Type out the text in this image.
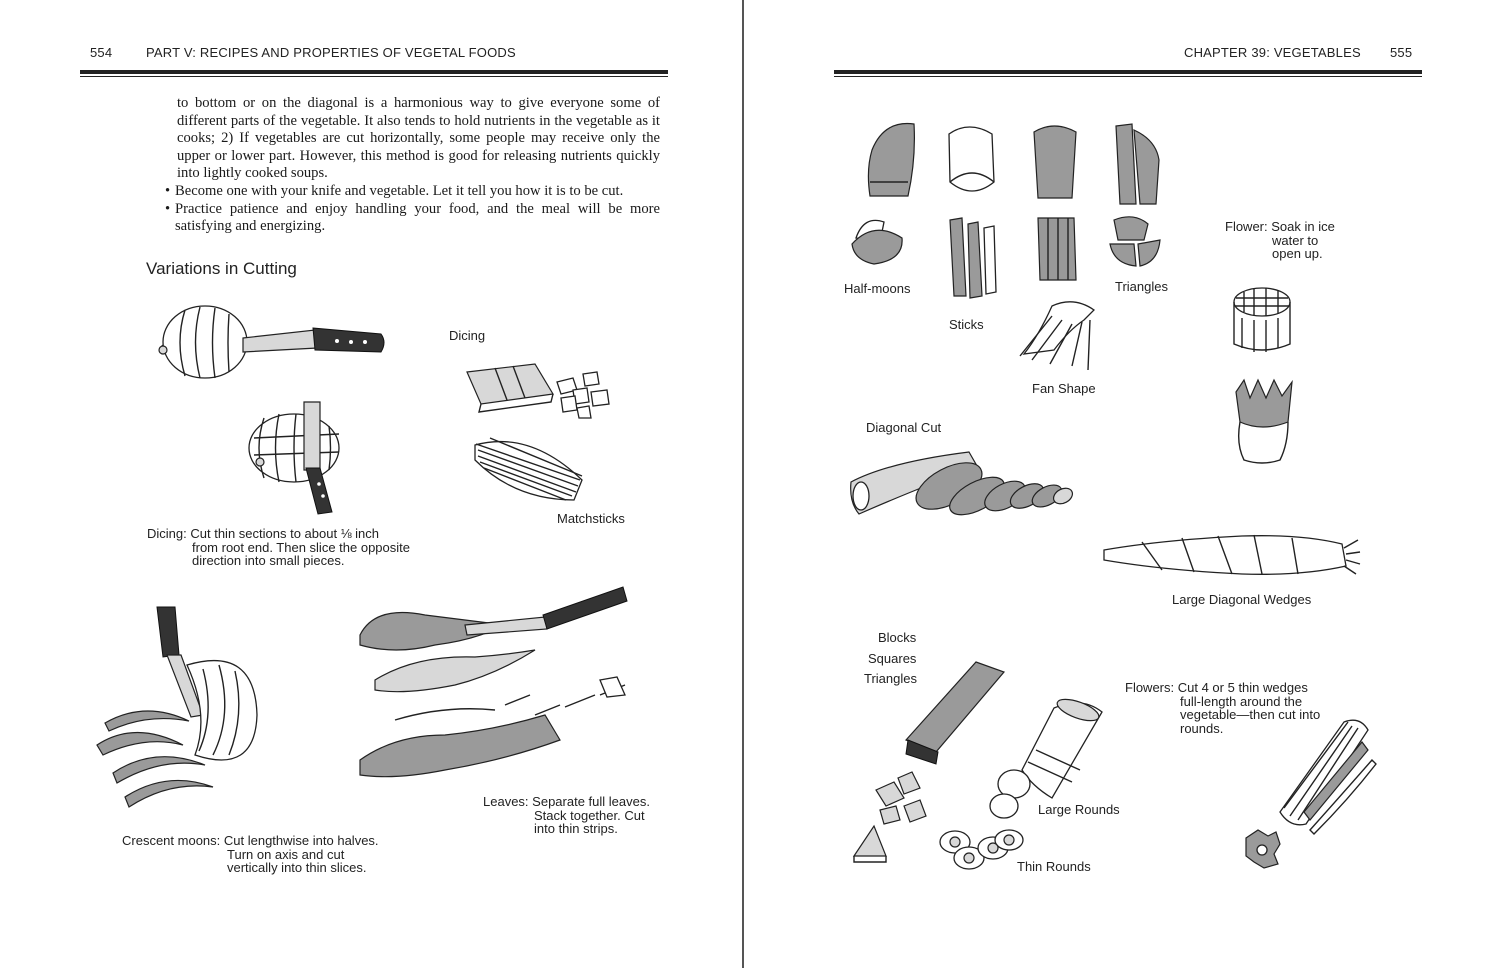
554	PART V: RECIPES AND PROPERTIES OF VEGETAL FOODS

to bottom or on the diagonal is a harmonious way to give everyone some of different parts of the vegetable. It also tends to hold nutrients in the vegetable as it cooks; 2) If vegetables are cut horizontally, some people may receive only the upper or lower part. However, this method is good for releasing nutrients quickly into lightly cooked soups.

• Become one with your knife and vegetable. Let it tell you how it is to be cut.

• Practice patience and enjoy handling your food, and the meal will be more satisfying and energizing.

Variations in Cutting
Dicing
Matchsticks
Dicing: Cut thin sections to about ⅛ inch
from root end. Then slice the opposite
direction into small pieces.
Crescent moons: Cut lengthwise into halves.
Turn on axis and cut
vertically into thin slices.
Leaves: Separate full leaves.
Stack together. Cut
into thin strips.
CHAPTER 39: VEGETABLES 555
Half-moons
Sticks
Triangles
Fan Shape
Flower: Soak in ice
water to
open up.
Diagonal Cut
Large Diagonal Wedges
Blocks
Squares
Triangles
Large Rounds
Thin Rounds
Flowers: Cut 4 or 5 thin wedges
full-length around the
vegetable—then cut into
rounds.
